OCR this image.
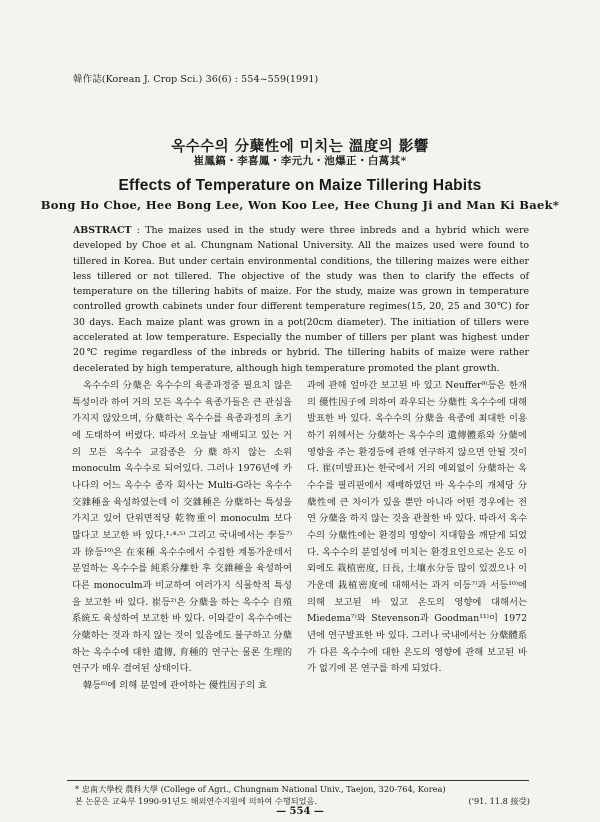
韓作誌(Korean J. Crop Sci.) 36(6) : 554~559(1991)
옥수수의 分蘖性에 미치는 溫度의 影響
崔鳳鎬・李喜鳳・李元九・池爆正・白萬其*
Effects of Temperature on Maize Tillering Habits
Bong Ho Choe, Hee Bong Lee, Won Koo Lee, Hee Chung Ji and Man Ki Baek*
ABSTRACT : The maizes used in the study were three inbreds and a hybrid which were developed by Choe et al. Chungnam National University. All the maizes used were found to tillered in Korea. But under certain environmental conditions, the tillering maizes were either less tillered or not tillered. The objective of the study was then to clarify the effects of temperature on the tillering habits of maize. For the study, maize was grown in temperature controlled growth cabinets under four different temperature regimes(15, 20, 25 and 30℃) for 30 days. Each maize plant was grown in a pot(20cm diameter). The initiation of tillers were accelerated at low temperature. Especially the number of tillers per plant was highest under 20℃ regime regardless of the inbreds or hybrid. The tillering habits of maize were rather decelerated by high temperature, although high temperature promoted the plant growth.

옥수수의 分蘖은 옥수수의 육종과정중 필요치 않은 특성이라 하여 거의 모든 옥수수 육종가들은 큰 관심을 가지지 않았으며, 分蘖하는 옥수수를 육종과정의 초기에 도태하여 버렸다. 따라서 오늘날 재배되고 있는 거의 모든 옥수수 교잡종은 分蘖하지 않는 소위 monoculm 옥수수로 되어있다. 그러나 1976년에 카나다의 어느 옥수수 종자 회사는 Multi-G라는 옥수수 交雜種을 육성하였는데 이 交雜種은 分蘖하는 특성을 가지고 있어 단위면적당 乾物重이 monoculm 보다 많다고 보고한 바 있다.¹·⁴·⁵⁾ 그리고 국내에서는 李등⁷⁾과 徐등¹⁰⁾은 在來種 옥수수에서 수집한 계통가운데서 분얼하는 옥수수를 純系分離한 후 交雜種을 육성하여 다른 monoculm과 비교하여 여러가지 식물학적 특성을 보고한 바 있다. 崔등²⁾은 分蘖을 하는 옥수수 自殖系統도 육성하여 보고한 바 있다. 이와같이 옥수수에는 分蘖하는 것과 하지 않는 것이 있음에도 불구하고 分蘖하는 옥수수에 대한 遺傳, 育種的 연구는 물론 生理的 연구가 매우 결여된 상태이다.

韓등⁶⁾에 의해 분얼에 관여하는 優性因子의 효

과에 관해 얼마간 보고된 바 있고 Neuffer⁹⁾등은 한개의 優性因子에 의하여 좌우되는 分蘖性 옥수수에 대해 발표한 바 있다. 옥수수의 分蘖을 육종에 최대한 이용하기 위해서는 分蘖하는 옥수수의 遺傳體系와 分蘖에 영향을 주는 환경등에 관해 연구하지 않으면 안될 것이다. 崔(미발표)는 한국에서 거의 예외없이 分蘖하는 옥수수를 필리핀에서 재배하였던 바 옥수수의 개체당 分蘖性에 큰 차이가 있을 뿐만 아니라 어떤 경우에는 전연 分蘖을 하지 않는 것을 관찰한 바 있다. 따라서 옥수수의 分蘖性에는 환경의 영향이 지대함을 깨닫게 되었다. 옥수수의 분얼성에 미치는 환경요인으로는 온도 이외에도 栽植密度, 日長, 土壤水分등 많이 있겠으나 이 가운데 栽植密度에 대해서는 과거 이등⁷⁾과 서등¹⁰⁾에 의해 보고된 바 있고 온도의 영향에 대해서는 Miedema⁷⁾와 Stevenson과 Goodman¹¹⁾이 1972년에 연구발표한 바 있다. 그러나 국내에서는 分蘖體系가 다른 옥수수에 대한 온도의 영향에 관해 보고된 바가 없기에 본 연구를 하게 되었다.

* 忠南大學校 農科大學 (College of Agri., Chungnam National Univ., Taejon, 320-764, Korea)
본 논문은 교육부 1990-91년도 해외연수지원에 의하여 수행되었음.	('91. 11.8 接受)
— 554 —
